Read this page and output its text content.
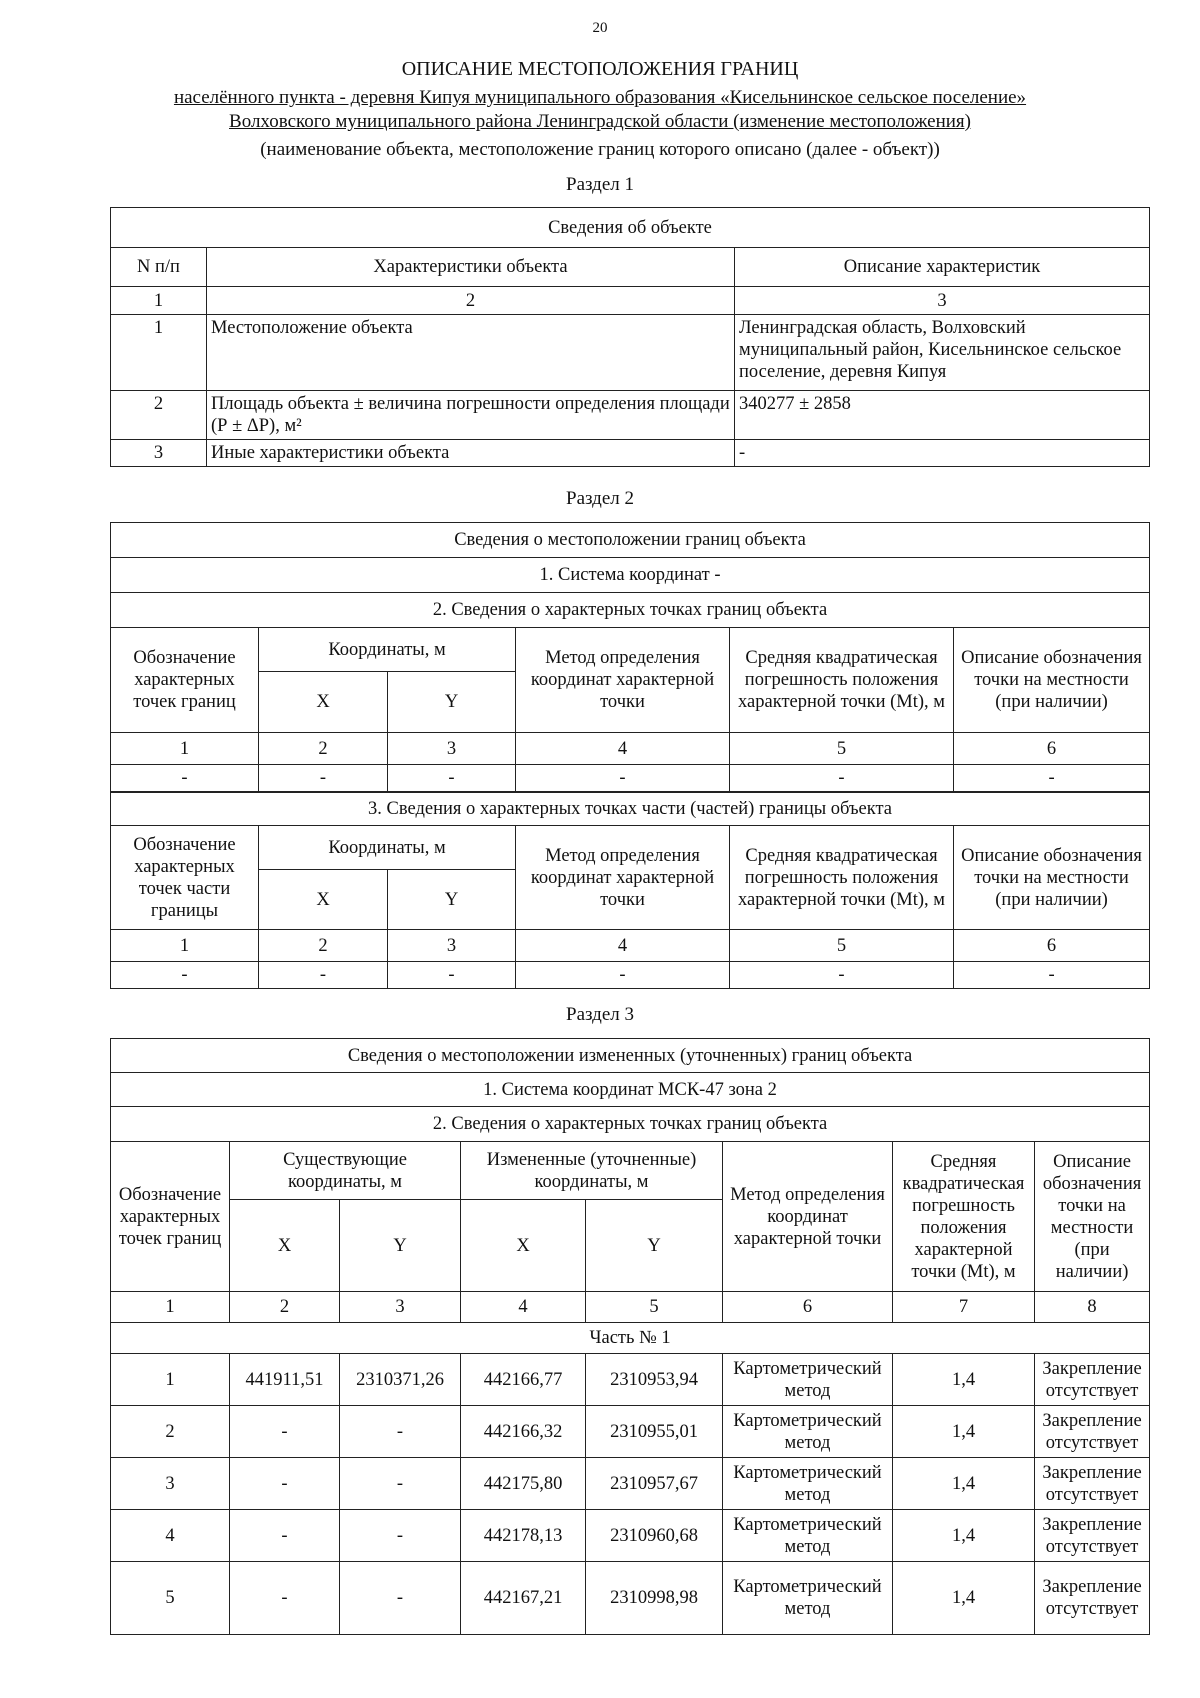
20
ОПИСАНИЕ МЕСТОПОЛОЖЕНИЯ ГРАНИЦ
населённого пункта - деревня Кипуя муниципального образования «Кисельнинское сельское поселение»
Волховского муниципального района Ленинградской области (изменение местоположения)
(наименование объекта, местоположение границ которого описано (далее - объект))
Раздел 1
Сведения об объекте		
N п/п	Характеристики объекта	Описание характеристик
1	2	3
1	Местоположение объекта	Ленинградская область, Волховский муниципальный район, Кисельнинское сельское поселение, деревня Кипуя
2	Площадь объекта ± величина погрешности определения площади (Р ± ΔР), м²	340277 ± 2858
3	Иные характеристики объекта	-
Раздел 2
Сведения о местоположении границ объекта					
1. Система координат -					
2. Сведения о характерных точках границ объекта					
Обозначение характерных точек границ	Координаты, м		Метод определения координат характерной точки	Средняя квадратическая погрешность положения характерной точки (Mt), м	Описание обозначения точки на местности (при наличии)
	X	Y			
1	2	3	4	5	6
-	-	-	-	-	-
3. Сведения о характерных точках части (частей) границы объекта					
Обозначение характерных точек части границы	Координаты, м		Метод определения координат характерной точки	Средняя квадратическая погрешность положения характерной точки (Mt), м	Описание обозначения точки на местности (при наличии)
	X	Y			
1	2	3	4	5	6
-	-	-	-	-	-
Раздел 3
Сведения о местоположении измененных (уточненных) границ объекта							
1. Система координат МСК-47 зона 2							
2. Сведения о характерных точках границ объекта							
Обозначение характерных точек границ	Существующие координаты, м		Измененные (уточненные) координаты, м		Метод определения координат характерной точки	Средняя квадратическая погрешность положения характерной точки (Mt), м	Описание обозначения точки на местности (при наличии)
	X	Y	X	Y			
1	2	3	4	5	6	7	8
Часть № 1							
1	441911,51	2310371,26	442166,77	2310953,94	Картометрический метод	1,4	Закрепление отсутствует
2	-	-	442166,32	2310955,01	Картометрический метод	1,4	Закрепление отсутствует
3	-	-	442175,80	2310957,67	Картометрический метод	1,4	Закрепление отсутствует
4	-	-	442178,13	2310960,68	Картометрический метод	1,4	Закрепление отсутствует
5	-	-	442167,21	2310998,98	Картометрический метод	1,4	Закрепление отсутствует
